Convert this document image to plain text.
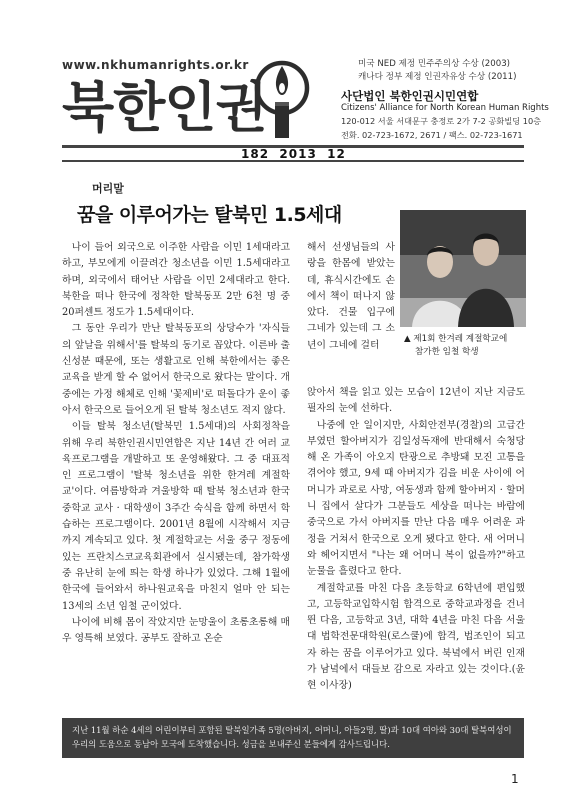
www.nkhumanrights.or.kr
북한인권
미국 NED 제정 민주주의상 수상 (2003)
캐나다 정부 제정 인권자유상 수상 (2011)
사단법인 북한인권시민연합
Citizens' Alliance for North Korean Human Rights
120-012 서울 서대문구 충정로 2가 7-2 공화빌딩 10층
전화. 02-723-1672, 2671 / 팩스. 02-723-1671
182  2013  12
머리말
꿈을 이루어가는 탈북민 1.5세대
▲ 제1회 한겨레 계절학교에
참가한 임철 학생

나이 들어 외국으로 이주한 사람을 이민 1세대라고 하고, 부모에게 이끌려간 청소년을 이민 1.5세대라고 하며, 외국에서 태어난 사람을 이민 2세대라고 한다. 북한을 떠나 한국에 정착한 탈북동포 2만 6천 명 중 20퍼센트 정도가 1.5세대이다.

그 동안 우리가 만난 탈북동포의 상당수가 '자식들의 앞날을 위해서'를 탈북의 동기로 꼽았다. 이른바 출신성분 때문에, 또는 생활고로 인해 북한에서는 좋은 교육을 받게 할 수 없어서 한국으로 왔다는 말이다. 개중에는 가정 해체로 인해 '꽃제비'로 떠돌다가 운이 좋아서 한국으로 들어오게 된 탈북 청소년도 적지 않다.

이들 탈북 청소년(탈북민 1.5세대)의 사회정착을 위해 우리 북한인권시민연합은 지난 14년 간 여러 교육프로그램을 개발하고 또 운영해왔다. 그 중 대표적인 프로그램이 '탈북 청소년을 위한 한겨레 계절학교'이다. 여름방학과 겨울방학 때 탈북 청소년과 한국 중학교 교사 · 대학생이 3주간 숙식을 함께 하면서 학습하는 프로그램이다. 2001년 8월에 시작해서 지금까지 계속되고 있다. 첫 계절학교는 서울 중구 정동에 있는 프란치스코교육회관에서 실시됐는데, 참가학생 중 유난히 눈에 띄는 학생 하나가 있었다. 그해 1월에 한국에 들어와서 하나원교육을 마친지 얼마 안 되는 13세의 소년 임철 군이었다.

나이에 비해 몸이 작았지만 눈망울이 초롱초롱해 매우 영특해 보였다. 공부도 잘하고 온순

해서 선생님들의 사랑을 한몸에 받았는데, 휴식시간에도 손에서 책이 떠나지 않았다. 건물 입구에 그네가 있는데 그 소년이 그네에 걸터

앉아서 책을 읽고 있는 모습이 12년이 지난 지금도 필자의 눈에 선하다.

나중에 안 일이지만, 사회안전부(경찰)의 고급간부였던 할아버지가 김일성독재에 반대해서 숙청당해 온 가족이 아오지 탄광으로 추방돼 모진 고통을 겪어야 했고, 9세 때 아버지가 김을 비운 사이에 어머니가 과로로 사망, 여동생과 함께 할아버지 · 할머니 집에서 살다가 그분들도 세상을 떠나는 바람에 중국으로 가서 아버지를 만난 다음 매우 어려운 과정을 거쳐서 한국으로 오게 됐다고 한다. 새 어머니와 헤어지면서 "나는 왜 어머니 복이 없을까?"하고 눈물을 흘렸다고 한다.

계절학교를 마친 다음 초등학교 6학년에 편입했고, 고등학교입학시험 합격으로 중학교과정을 건너 뛴 다음, 고등학교 3년, 대학 4년을 마친 다음 서울대 법학전문대학원(로스쿨)에 합격, 법조인이 되고자 하는 꿈을 이루어가고 있다. 북녘에서 버린 인재가 남녘에서 대들보 감으로 자라고 있는 것이다.(윤현 이사장)

지난 11월 하순 4세의 어린이부터 포함된 탈북일가족 5명(아버지, 어머니, 아들2명, 딸)과 10대 여아와 30대 탈북여성이 우리의 도움으로 동남아 모국에 도착했습니다. 성금을 보내주신 분들에게 감사드립니다.
1
